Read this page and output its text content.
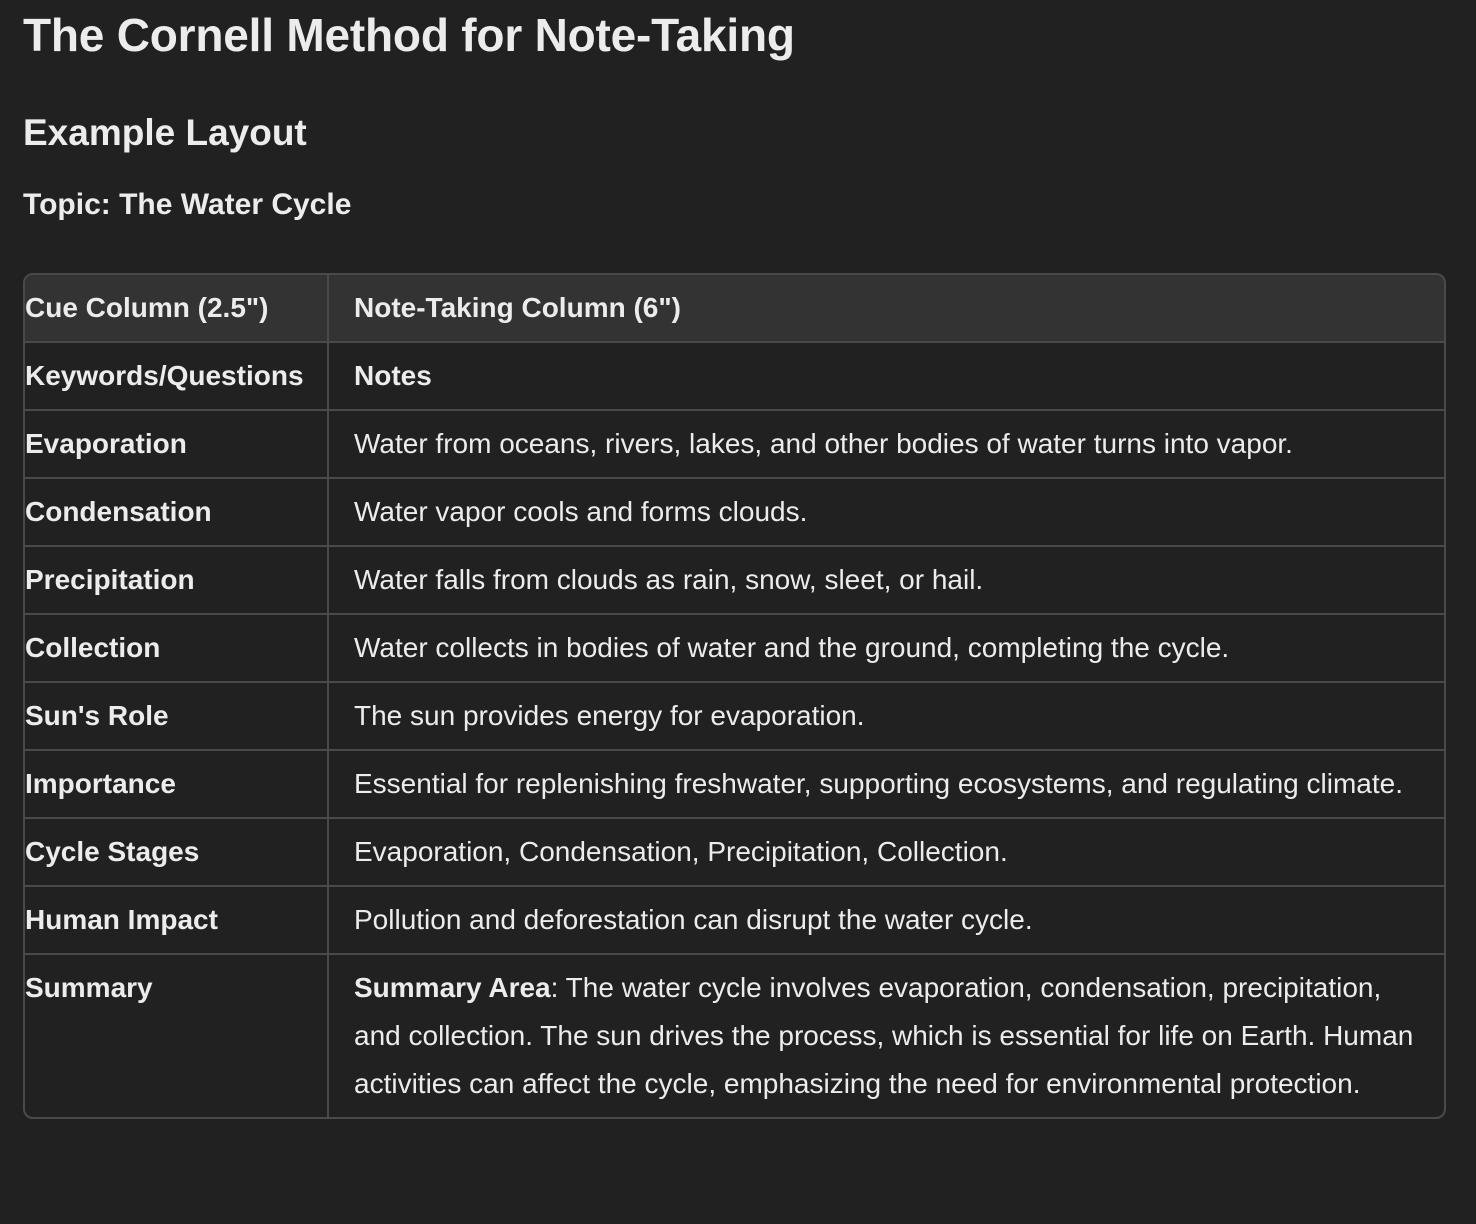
The Cornell Method for Note-Taking
Example Layout
Topic: The Water Cycle
Cue Column (2.5")	Note-Taking Column (6")
Keywords/Questions	Notes
Evaporation	Water from oceans, rivers, lakes, and other bodies of water turns into vapor.
Condensation	Water vapor cools and forms clouds.
Precipitation	Water falls from clouds as rain, snow, sleet, or hail.
Collection	Water collects in bodies of water and the ground, completing the cycle.
Sun's Role	The sun provides energy for evaporation.
Importance	Essential for replenishing freshwater, supporting ecosystems, and regulating climate.
Cycle Stages	Evaporation, Condensation, Precipitation, Collection.
Human Impact	Pollution and deforestation can disrupt the water cycle.
Summary	Summary Area: The water cycle involves evaporation, condensation, precipitation, and collection. The sun drives the process, which is essential for life on Earth. Human activities can affect the cycle, emphasizing the need for environmental protection.
